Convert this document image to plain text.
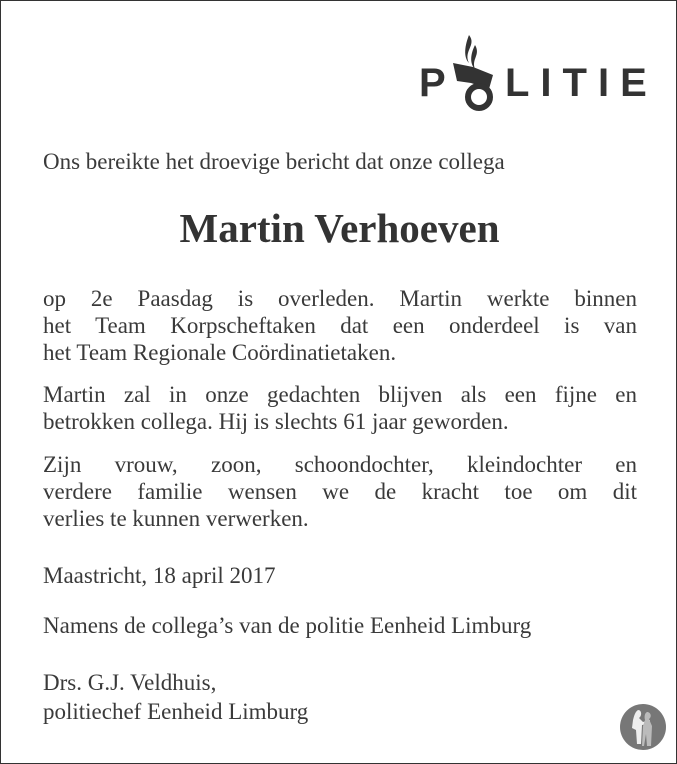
P LITIE
Ons bereikte het droevige bericht dat onze collega
Martin Verhoeven
op 2e Paasdag is overleden. Martin werkte binnen
het Team Korpscheftaken dat een onderdeel is van
het Team Regionale Coördinatietaken.
Martin zal in onze gedachten blijven als een fijne en
betrokken collega. Hij is slechts 61 jaar geworden.
Zijn vrouw, zoon, schoondochter, kleindochter en
verdere familie wensen we de kracht toe om dit
verlies te kunnen verwerken.
Maastricht, 18 april 2017
Namens de collega’s van de politie Eenheid Limburg
Drs. G.J. Veldhuis,
politiechef Eenheid Limburg
